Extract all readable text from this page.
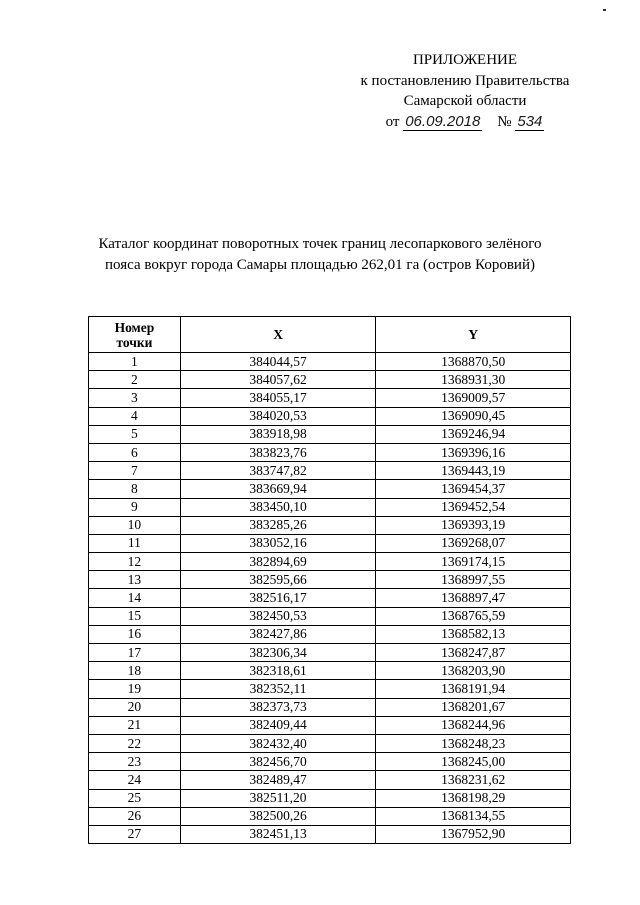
ПРИЛОЖЕНИЕ
к постановлению Правительства
Самарской области
от 06.09.2018 № 534
Каталог координат поворотных точек границ лесопаркового зелёного
пояса вокруг города Самары площадью 262,01 га (остров Коровий)
Номер
точки	X	Y
1	384044,57	1368870,50
2	384057,62	1368931,30
3	384055,17	1369009,57
4	384020,53	1369090,45
5	383918,98	1369246,94
6	383823,76	1369396,16
7	383747,82	1369443,19
8	383669,94	1369454,37
9	383450,10	1369452,54
10	383285,26	1369393,19
11	383052,16	1369268,07
12	382894,69	1369174,15
13	382595,66	1368997,55
14	382516,17	1368897,47
15	382450,53	1368765,59
16	382427,86	1368582,13
17	382306,34	1368247,87
18	382318,61	1368203,90
19	382352,11	1368191,94
20	382373,73	1368201,67
21	382409,44	1368244,96
22	382432,40	1368248,23
23	382456,70	1368245,00
24	382489,47	1368231,62
25	382511,20	1368198,29
26	382500,26	1368134,55
27	382451,13	1367952,90
